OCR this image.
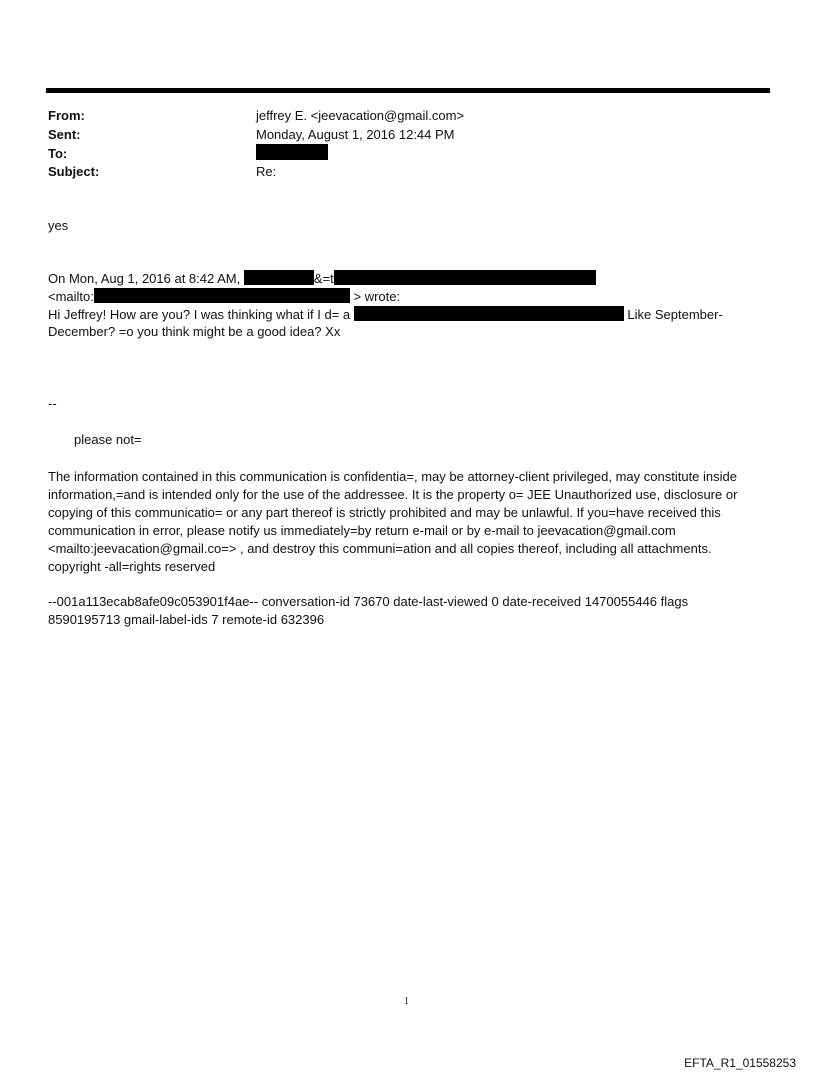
From:	jeffrey E. <jeevacation@gmail.com>
Sent:	Monday, August 1, 2016 12:44 PM
To:
Subject:	Re:
yes
On Mon, Aug 1, 2016 at 8:42 AM,	&=t
<mailto:	> wrote:
Hi Jeffrey! How are you? I was thinking what if I d= a	Like September-
December? =o you think might be a good idea? Xx
--
please not=
The information contained in this communication is confidentia=, may be attorney-client privileged, may constitute inside information,=and is intended only for the use of the addressee. It is the property o= JEE Unauthorized use, disclosure or copying of this communicatio= or any part thereof is strictly prohibited and may be unlawful. If you=have received this communication in error, please notify us immediately=by return e-mail or by e-mail to jeevacation@gmail.com <mailto:jeevacation@gmail.co=> , and destroy this communi=ation and all copies thereof, including all attachments. copyright -all=rights reserved
--001a113ecab8afe09c053901f4ae-- conversation-id 73670 date-last-viewed 0 date-received 1470055446 flags 8590195713 gmail-label-ids 7 remote-id 632396
1
EFTA_R1_01558253
